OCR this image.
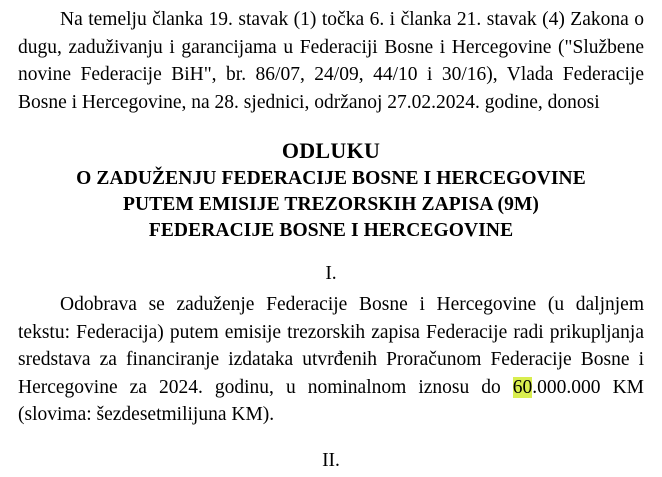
Na temelju članka 19. stavak (1) točka 6. i članka 21. stavak (4) Zakona o dugu, zaduživanju i garancijama u Federaciji Bosne i Hercegovine ("Službene novine Federacije BiH", br. 86/07, 24/09, 44/10 i 30/16), Vlada Federacije Bosne i Hercegovine, na 28. sjednici, održanoj 27.02.2024. godine, donosi

ODLUKU
O ZADUŽENJU FEDERACIJE BOSNE I HERCEGOVINE
PUTEM EMISIJE TREZORSKIH ZAPISA (9M)
FEDERACIJE BOSNE I HERCEGOVINE
I.

Odobrava se zaduženje Federacije Bosne i Hercegovine (u daljnjem tekstu: Federacija) putem emisije trezorskih zapisa Federacije radi prikupljanja sredstava za financiranje izdataka utvrđenih Proračunom Federacije Bosne i Hercegovine za 2024. godinu, u nominalnom iznosu do 60.000.000 KM (slovima: šezdesetmilijuna KM).

II.
